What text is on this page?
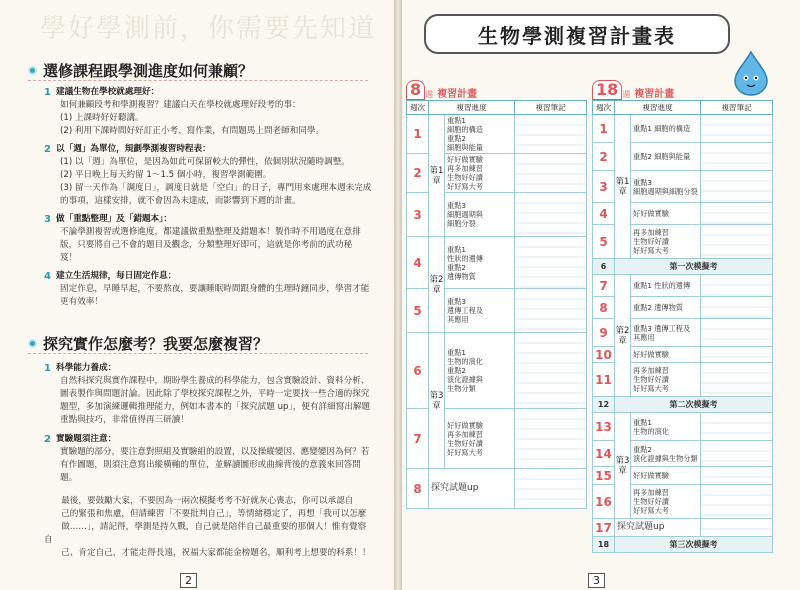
學好學測前，你需要先知道
選修課程跟學測進度如何兼顧？
1 建議生物在學校就處理好：
如何兼顧段考和學測複習？建議白天在學校就處理好段考的事：
(1) 上課時好好聽講。
(2) 利用下課時間好好訂正小考、寫作業，有問題馬上問老師和同學。
2 以「週」為單位，規劃學測複習時程表：
(1) 以「週」為單位，是因為如此可保留較大的彈性，依個別狀況隨時調整。
(2) 平日晚上每天約留 1～1.5 個小時，複習學測範圍。
(3) 留一天作為「調度日」，調度日就是「空白」的日子，專門用來處理本週未完成
的事項，這樣安排，就不會因為未達成，而影響到下週的計畫。
3 做「重點整理」及「錯題本」：
不論學測複習或選修進度，都建議做重點整理及錯題本！製作時不用過度在意排
版，只要將自己不會的題目及觀念，分類整理好即可，這就是你考前的武功秘
笈！
4 建立生活規律，每日固定作息：
固定作息，早睡早起，不要熬夜，要讓睡眠時間跟身體的生理時鐘同步，學習才能
更有效率！
探究實作怎麼考？我要怎麼複習？
1 科學能力養成：
自然科探究與實作課程中，期盼學生養成的科學能力，包含實驗設計、資料分析、
圖表製作與問題討論。因此除了學校探究課程之外，平時一定要找一些合適的探究
題型，多加演練邏輯推理能力，例如本書本的「探究試題 up」，便有詳細寫出解題
重點與技巧，非常值得再三研讀！
2 實驗題須注意：
實驗題的部分，要注意對照組及實驗組的設置，以及操縱變因、應變變因為何？若
有作圖題，則須注意寫出縱橫軸的單位，並解讀圖形或曲線背後的意義來回答問
題。
最後，要鼓勵大家，不要因為一兩次模擬考考不好就灰心喪志，你可以承認自
己的緊張和焦慮，但請練習「不要批判自己」，等情緒穩定了，再想「我可以怎麼
做……」，請記得，學測是持久戰，自己就是陪伴自己最重要的那個人！惟有覺察自
己、肯定自己，才能走得長遠，祝福大家都能金榜題名，順利考上想要的科系！！
2
生物學測複習計畫表
8 週 複習計畫
週次	複習進度		複習筆記
1	第1章	重點1
細胞的構造
重點2
細胞與能量	

2		好好做實驗
再多加練習
生物好好讀
好好寫大考	

3		重點3
細胞週期與
細胞分裂	

4	第2章	重點1
性狀的遺傳
重點2
遺傳物質	

5		重點3
遺傳工程及
其應用	

6	第3章	重點1
生物的演化
重點2
演化證據與
生物分類	

7		好好做實驗
再多加練習
生物好好讀
好好寫大考	

8	探究試題up		
18 週 複習計畫
週次	複習進度		複習筆記
1	第1章	重點1 細胞的構造	

2		重點2 細胞與能量	

3		重點3
細胞週期與細胞分裂	

4		好好做實驗	

5		再多加練習
生物好好讀
好好寫大考	

6	第一次模擬考		
7	第2章	重點1 性狀的遺傳	

8		重點2 遺傳物質	

9		重點3 遺傳工程及
其應用	

10		好好做實驗	

11		再多加練習
生物好好讀
好好寫大考	

12	第二次模擬考		
13	第3章	重點1
生物的演化	

14		重點2
演化證據與生物分類	

15		好好做實驗	

16		再多加練習
生物好好讀
好好寫大考	

17	探究試題up		
18	第三次模擬考		
3
